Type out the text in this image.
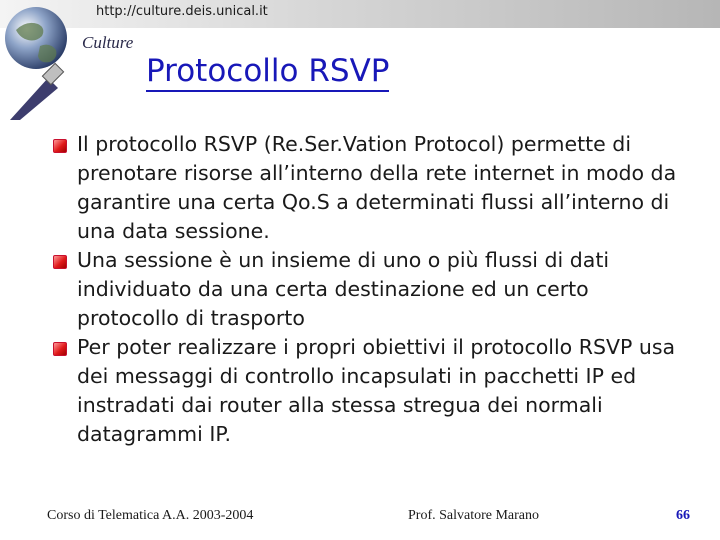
http://culture.deis.unical.it
Culture
Protocollo RSVP
Il protocollo RSVP (Re.Ser.Vation Protocol) permette di prenotare risorse all’interno della rete internet in modo da garantire una certa Qo.S a determinati flussi all’interno di una data sessione.
Una sessione è un insieme di uno o più flussi di dati individuato da una certa destinazione ed un certo protocollo di trasporto
Per poter realizzare i propri obiettivi il protocollo RSVP usa dei messaggi di controllo incapsulati in pacchetti IP ed instradati dai router alla stessa stregua dei normali datagrammi IP.
Corso di Telematica A.A. 2003-2004	Prof. Salvatore Marano	66
